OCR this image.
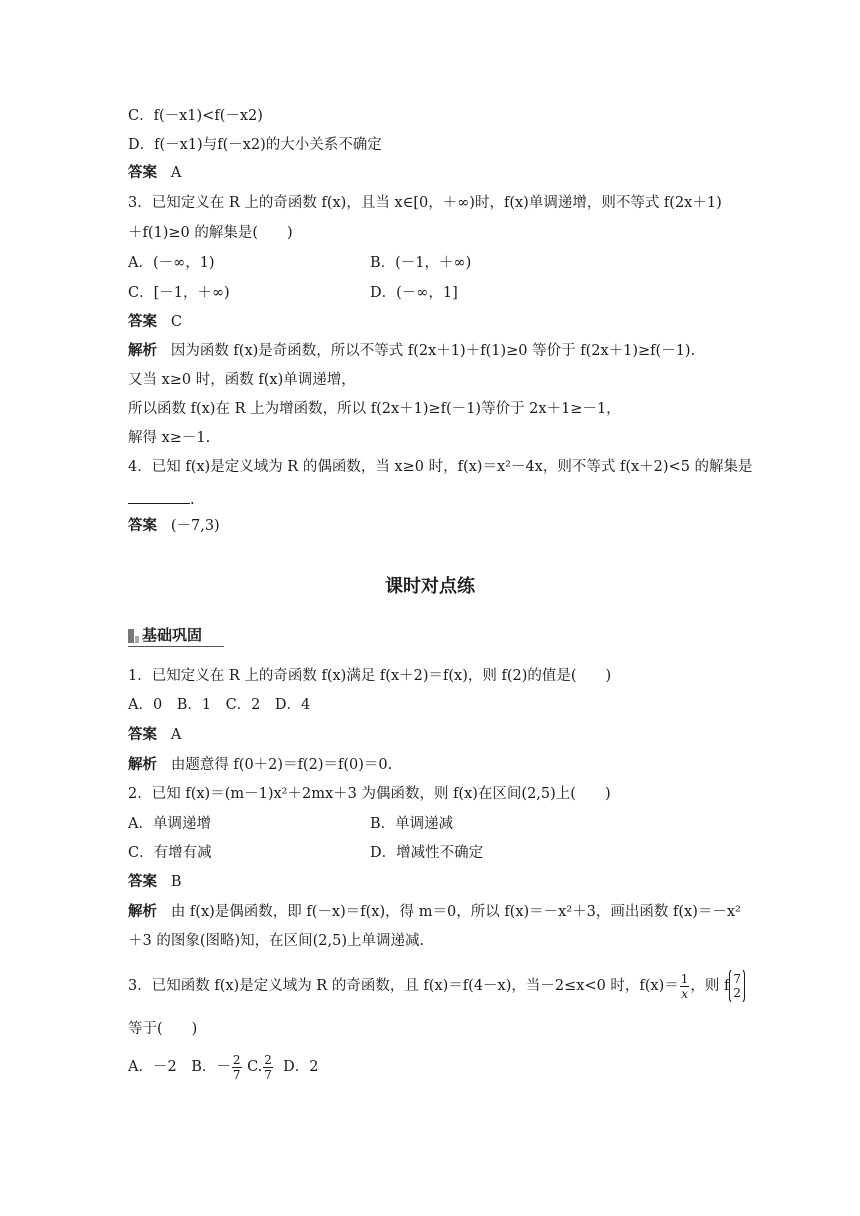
C．f(－x1)<f(－x2)
D．f(－x1)与f(－x2)的大小关系不确定
答案 A
3．已知定义在 R 上的奇函数 f(x)，且当 x∈[0，＋∞)时，f(x)单调递增，则不等式 f(2x＋1)
＋f(1)≥0 的解集是(　　)
A．(－∞，1)	B．(－1，＋∞)
C．[－1，＋∞)	D．(－∞，1]
答案 C
解析 因为函数 f(x)是奇函数，所以不等式 f(2x＋1)＋f(1)≥0 等价于 f(2x＋1)≥f(－1).
又当 x≥0 时，函数 f(x)单调递增，
所以函数 f(x)在 R 上为增函数，所以 f(2x＋1)≥f(－1)等价于 2x＋1≥－1，
解得 x≥－1.
4．已知 f(x)是定义域为 R 的偶函数，当 x≥0 时，f(x)＝x²－4x，则不等式 f(x＋2)<5 的解集是
.
答案 (－7,3)
课时对点练
基础巩固
1．已知定义在 R 上的奇函数 f(x)满足 f(x＋2)＝f(x)，则 f(2)的值是(　　)
A．0　B．1　C．2　D．4
答案 A
解析 由题意得 f(0＋2)＝f(2)＝f(0)＝0.
2．已知 f(x)＝(m－1)x²＋2mx＋3 为偶函数，则 f(x)在区间(2,5)上(　　)
A．单调递增	B．单调递减
C．有增有减	D．增减性不确定
答案 B
解析 由 f(x)是偶函数，即 f(－x)＝f(x)，得 m＝0，所以 f(x)＝－x²＋3，画出函数 f(x)＝－x²
＋3 的图象(图略)知，在区间(2,5)上单调递减.
3．已知函数 f(x)是定义域为 R 的奇函数，且 f(x)＝f(4－x)，当－2≤x<0 时，$f(x)= \frac{1}{x}$ ，则 f 7
2
等于(　　)
A．－2　B．－ $\frac{2}{7} C$. $\frac{2}{7}$ D．2
